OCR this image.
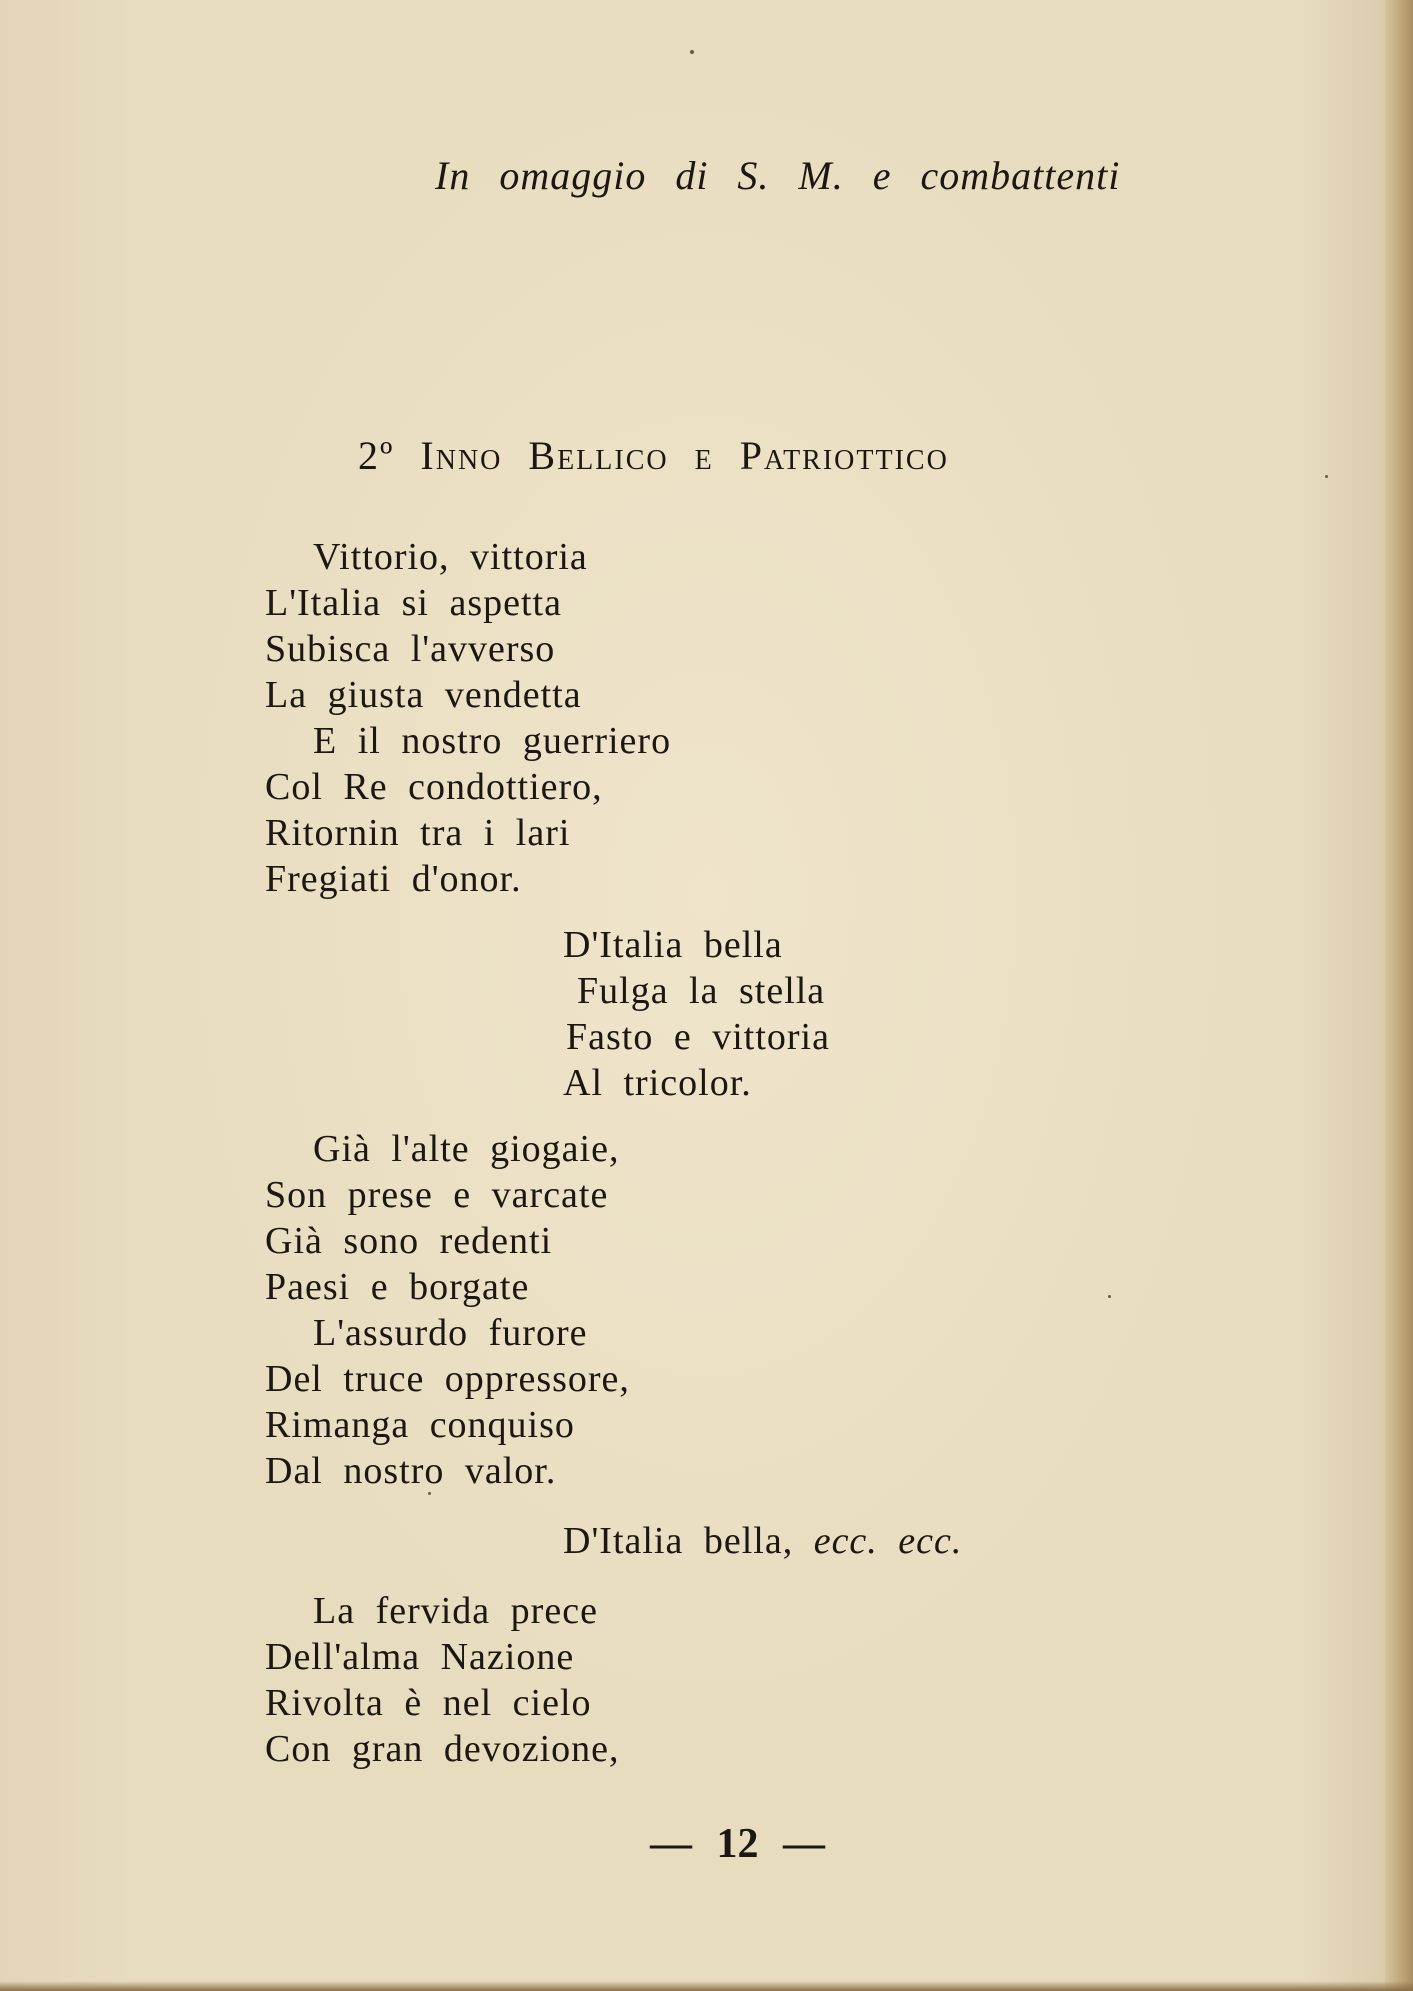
In omaggio di S. M. e combattenti
2º Inno Bellico e Patriottico
Vittorio, vittoria
L'Italia si aspetta
Subisca l'avverso
La giusta vendetta
E il nostro guerriero
Col Re condottiero,
Ritornin tra i lari
Fregiati d'onor.
D'Italia bella
Fulga la stella
Fasto e vittoria
Al tricolor.
Già l'alte giogaie,
Son prese e varcate
Già sono redenti
Paesi e borgate
L'assurdo furore
Del truce oppressore,
Rimanga conquiso
Dal nostro valor.
D'Italia bella, ecc. ecc.
La fervida prece
Dell'alma Nazione
Rivolta è nel cielo
Con gran devozione,
— 12 —
